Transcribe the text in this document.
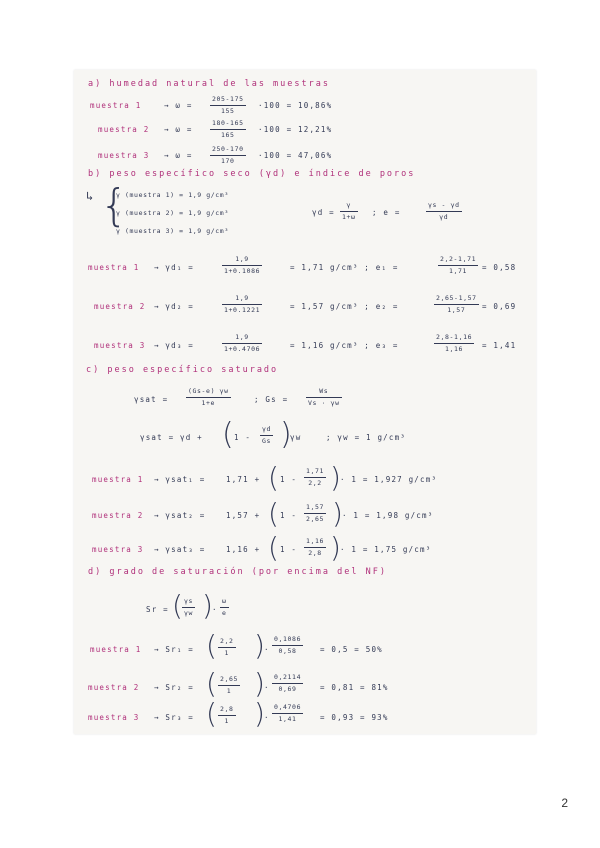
a) humedad natural de las muestras
muestra 1	→ ω =
205-175
155
·100 = 10,86%
muestra 2 → ω =
180-165
165
·100 = 12,21%
muestra 3 → ω =
250-170
170
·100 = 47,06%
b) peso específico seco (γd) e índice de poros
↳ {
γ (muestra 1) = 1,9 g/cm³
γ (muestra 2) = 1,9 g/cm³
γ (muestra 3) = 1,9 g/cm³
γd =
γ
1+ω ; e =
γs - γd
γd
muestra 1 → γd₁ =
1,9
1+0.1086	= 1,71 g/cm³ ; e₁ =
2,2-1,71
1,71 = 0,58
muestra 2 → γd₂ =
1,9
1+0.1221	= 1,57 g/cm³ ; e₂ =
2,65-1,57
1,57 = 0,69
muestra 3 → γd₃ =
1,9
1+0.4706	= 1,16 g/cm³ ; e₃ =
2,8-1,16
1,16	= 1,41
c) peso específico saturado
γsat =
(Gs-e) γw
1+e	; Gs =
Ws
Vs · γw
γsat = γd + ( 1 -
γd
Gs )
γw	; γw = 1 g/cm³
muestra 1 → γsat₁ =	1,71 + ( 1 -
1,71
2,2 ) · 1 = 1,927 g/cm³
muestra 2 → γsat₂ =	1,57 + ( 1 -
1,57
2,65 ) · 1 = 1,98 g/cm³
muestra 3 → γsat₃ =	1,16 + ( 1 -
1,16
2,8 ) · 1 = 1,75 g/cm³
d) grado de saturación (por encima del NF)
Sr = ( γs
γw ) ·
ω
e
muestra 1 → Sr₁ = ( 2,2
1 ) ·
0,1086
0,58	= 0,5 = 50%
muestra 2 → Sr₂ = ( 2,65
1 ) ·
0,2114
0,69	= 0,81 = 81%
muestra 3 → Sr₃ = ( 2,8
1 ) ·
0,4706
1,41	= 0,93 = 93%
2
